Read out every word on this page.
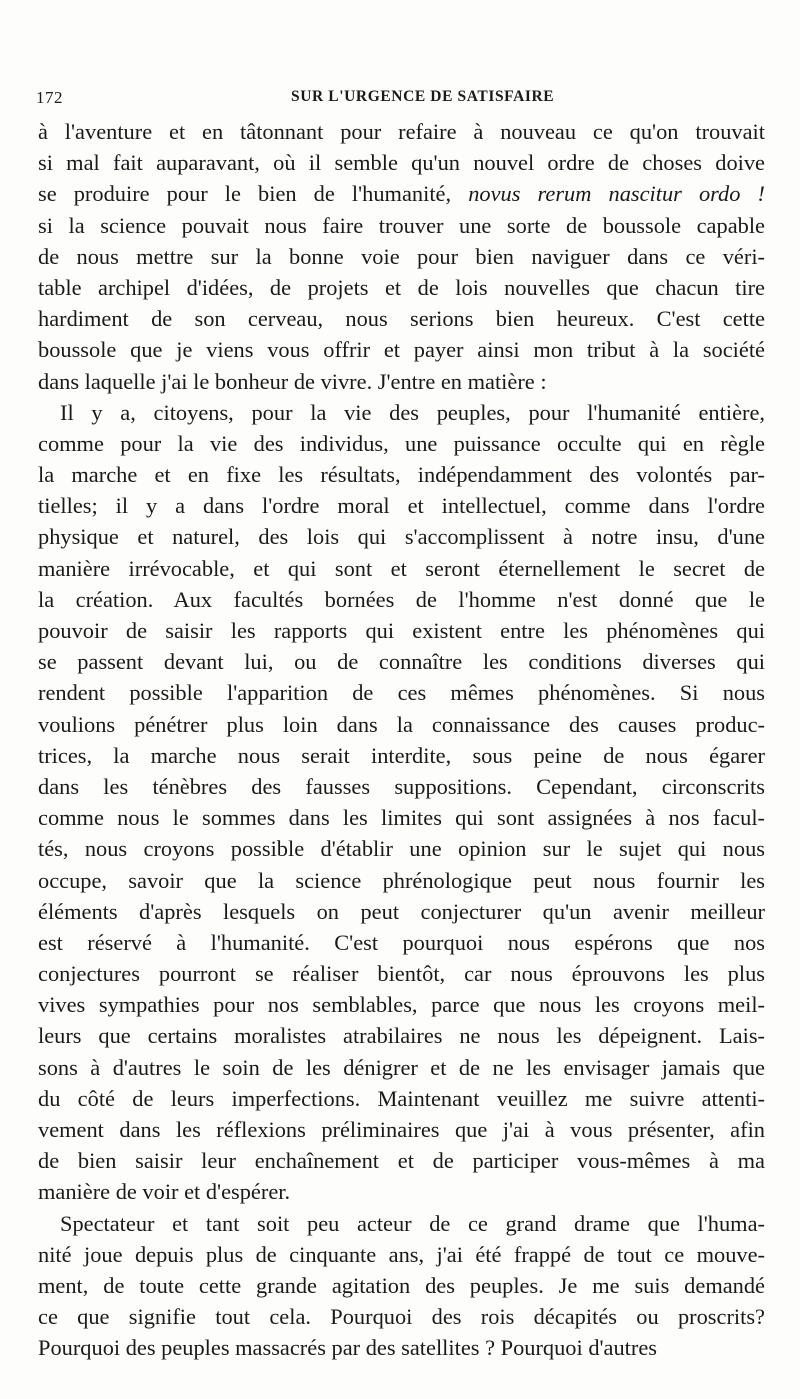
172	SUR L'URGENCE DE SATISFAIRE
à l'aventure et en tâtonnant pour refaire à nouveau ce qu'on trouvait
si mal fait auparavant, où il semble qu'un nouvel ordre de choses doive
se produire pour le bien de l'humanité, novus rerum nascitur ordo !
si la science pouvait nous faire trouver une sorte de boussole capable
de nous mettre sur la bonne voie pour bien naviguer dans ce véri-
table archipel d'idées, de projets et de lois nouvelles que chacun tire
hardiment de son cerveau, nous serions bien heureux. C'est cette
boussole que je viens vous offrir et payer ainsi mon tribut à la société
dans laquelle j'ai le bonheur de vivre. J'entre en matière :
Il y a, citoyens, pour la vie des peuples, pour l'humanité entière,
comme pour la vie des individus, une puissance occulte qui en règle
la marche et en fixe les résultats, indépendamment des volontés par-
tielles; il y a dans l'ordre moral et intellectuel, comme dans l'ordre
physique et naturel, des lois qui s'accomplissent à notre insu, d'une
manière irrévocable, et qui sont et seront éternellement le secret de
la création. Aux facultés bornées de l'homme n'est donné que le
pouvoir de saisir les rapports qui existent entre les phénomènes qui
se passent devant lui, ou de connaître les conditions diverses qui
rendent possible l'apparition de ces mêmes phénomènes. Si nous
voulions pénétrer plus loin dans la connaissance des causes produc-
trices, la marche nous serait interdite, sous peine de nous égarer
dans les ténèbres des fausses suppositions. Cependant, circonscrits
comme nous le sommes dans les limites qui sont assignées à nos facul-
tés, nous croyons possible d'établir une opinion sur le sujet qui nous
occupe, savoir que la science phrénologique peut nous fournir les
éléments d'après lesquels on peut conjecturer qu'un avenir meilleur
est réservé à l'humanité. C'est pourquoi nous espérons que nos
conjectures pourront se réaliser bientôt, car nous éprouvons les plus
vives sympathies pour nos semblables, parce que nous les croyons meil-
leurs que certains moralistes atrabilaires ne nous les dépeignent. Lais-
sons à d'autres le soin de les dénigrer et de ne les envisager jamais que
du côté de leurs imperfections. Maintenant veuillez me suivre attenti-
vement dans les réflexions préliminaires que j'ai à vous présenter, afin
de bien saisir leur enchaînement et de participer vous-mêmes à ma
manière de voir et d'espérer.
Spectateur et tant soit peu acteur de ce grand drame que l'huma-
nité joue depuis plus de cinquante ans, j'ai été frappé de tout ce mouve-
ment, de toute cette grande agitation des peuples. Je me suis demandé
ce que signifie tout cela. Pourquoi des rois décapités ou proscrits?
Pourquoi des peuples massacrés par des satellites ? Pourquoi d'autres
